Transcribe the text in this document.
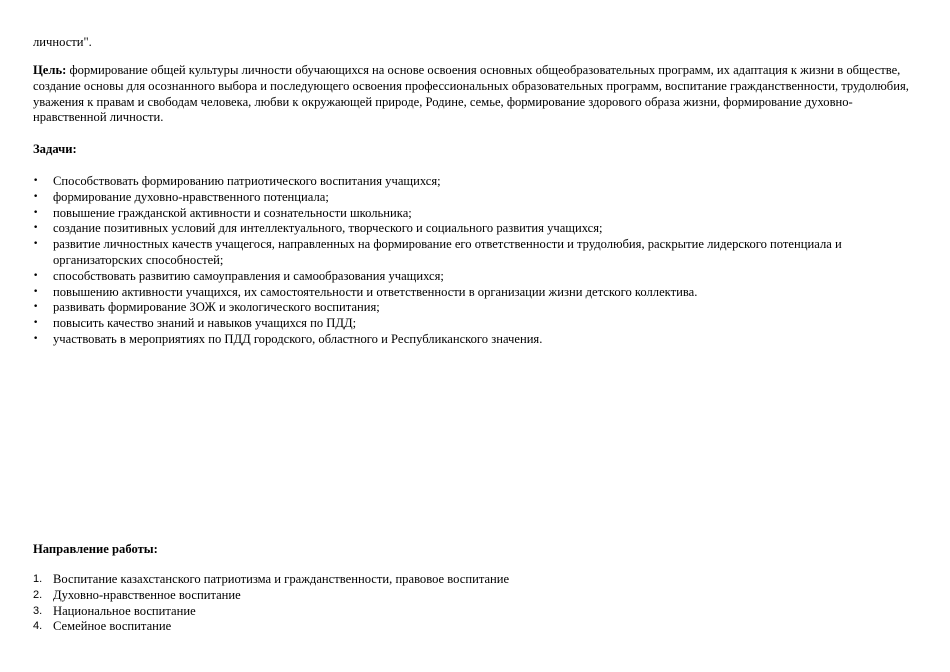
личности".

Цель: формирование общей культуры личности обучающихся на основе освоения основных общеобразовательных программ, их адаптация к жизни в обществе, создание основы для осознанного выбора и последующего освоения профессиональных образовательных программ, воспитание гражданственности, трудолюбия, уважения к правам и свободам человека, любви к окружающей природе, Родине, семье, формирование здорового образа жизни, формирование духовно-нравственной личности.

Задачи:

•	Способствовать формированию патриотического воспитания учащихся;
•	формирование духовно-нравственного потенциала;
•	повышение гражданской активности и сознательности школьника;
•	создание позитивных условий для интеллектуального, творческого и социального развития учащихся;
•	развитие личностных качеств учащегося, направленных на формирование его ответственности и трудолюбия, раскрытие лидерского потенциала и организаторских способностей;
•	способствовать развитию самоуправления и самообразования учащихся;
•	повышению активности учащихся, их самостоятельности и ответственности в организации жизни детского коллектива.
•	развивать формирование ЗОЖ и экологического воспитания;
•	повысить качество знаний и навыков учащихся по ПДД;
•	участвовать в мероприятиях по ПДД городского, областного и Республиканского значения.

Направление работы:

1. Воспитание казахстанского патриотизма и гражданственности, правовое воспитание
2. Духовно-нравственное воспитание
3. Национальное воспитание
4. Семейное воспитание
